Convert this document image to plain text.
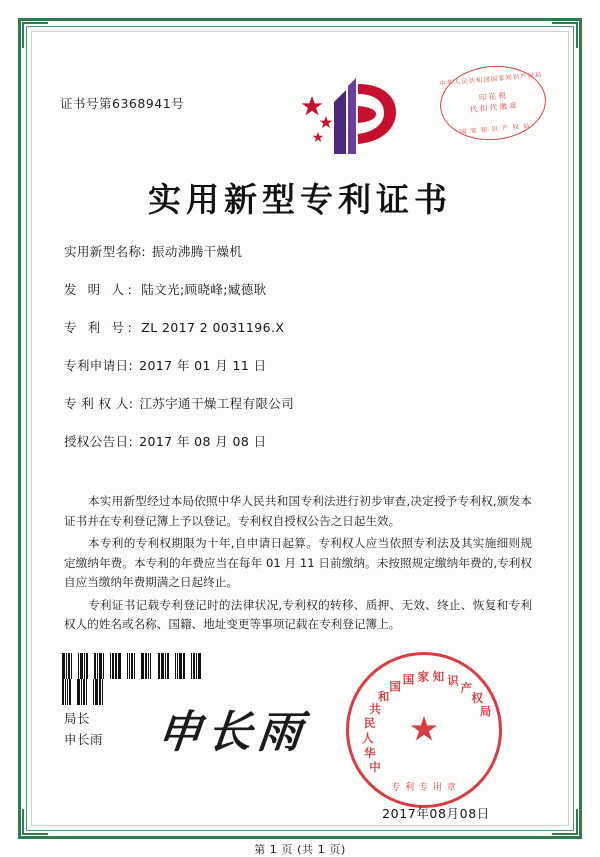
证书号第6368941号
中华人民共和国国家知识产权局
印 花 税
代 扣 代 缴 章
国 家 知 识 产 权 局
实用新型专利证书
实用新型名称: 振动沸腾干燥机
发 明 人: 陆文光;顾晓峰;臧德耿
专 利 号: ZL 2017 2 0031196.X
专利申请日: 2017 年 01 月 11 日
专 利 权 人: 江苏宇通干燥工程有限公司
授权公告日: 2017 年 08 月 08 日

本实用新型经过本局依照中华人民共和国专利法进行初步审查,决定授予专利权,颁发本证书并在专利登记簿上予以登记。专利权自授权公告之日起生效。

本专利的专利权期限为十年,自申请日起算。专利权人应当依照专利法及其实施细则规定缴纳年费。本专利的年费应当在每年 01 月 11 日前缴纳。未按照规定缴纳年费的,专利权自应当缴纳年费期满之日起终止。

专利证书记载专利登记时的法律状况,专利权的转移、质押、无效、终止、恢复和专利权人的姓名或名称、国籍、地址变更等事项记载在专利登记簿上。

局长
申长雨 申长雨
中
华
人
民
共
和
国 国 家 知 识
产
权
局
★
专 利 专 用 章
2017年08月08日
第 1 页 (共 1 页)
